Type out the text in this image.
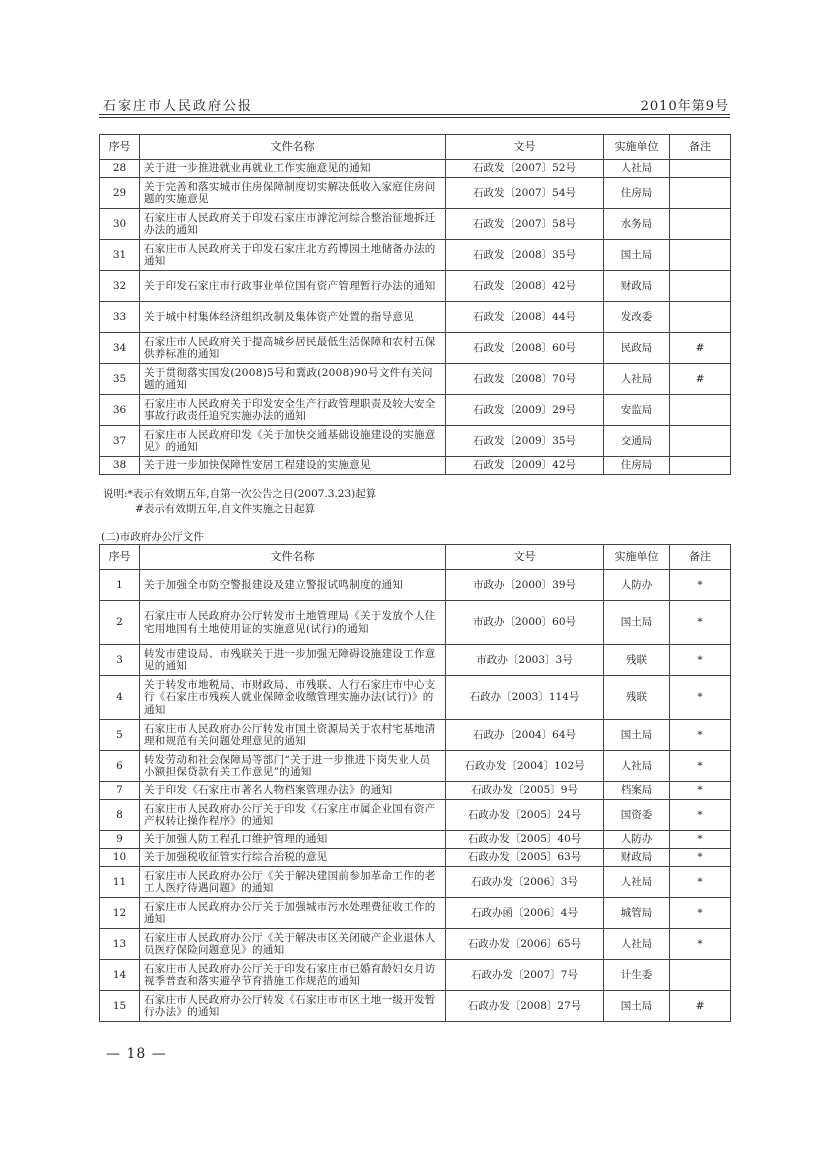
石家庄市人民政府公报	2010年第9号
序号	文件名称	文号	实施单位	备注
28	关于进一步推进就业再就业工作实施意见的通知	石政发〔2007〕52号	人社局	
29	关于完善和落实城市住房保障制度切实解决低收入家庭住房问题的实施意见	石政发〔2007〕54号	住房局	
30	石家庄市人民政府关于印发石家庄市滹沱河综合整治征地拆迁办法的通知	石政发〔2007〕58号	水务局	
31	石家庄市人民政府关于印发石家庄北方药博园土地储备办法的通知	石政发〔2008〕35号	国土局	
32	关于印发石家庄市行政事业单位国有资产管理暂行办法的通知	石政发〔2008〕42号	财政局	
33	关于城中村集体经济组织改制及集体资产处置的指导意见	石政发〔2008〕44号	发改委	
34	石家庄市人民政府关于提高城乡居民最低生活保障和农村五保供养标准的通知	石政发〔2008〕60号	民政局	#
35	关于贯彻落实国发(2008)5号和冀政(2008)90号文件有关问题的通知	石政发〔2008〕70号	人社局	#
36	石家庄市人民政府关于印发安全生产行政管理职责及较大安全事故行政责任追究实施办法的通知	石政发〔2009〕29号	安监局	
37	石家庄市人民政府印发《关于加快交通基础设施建设的实施意见》的通知	石政发〔2009〕35号	交通局	
38	关于进一步加快保障性安居工程建设的实施意见	石政发〔2009〕42号	住房局	
说明:*表示有效期五年,自第一次公告之日(2007.3.23)起算
#表示有效期五年,自文件实施之日起算
(二)市政府办公厅文件
序号	文件名称	文号	实施单位	备注
1	关于加强全市防空警报建设及建立警报试鸣制度的通知	市政办〔2000〕39号	人防办	*
2	石家庄市人民政府办公厅转发市土地管理局《关于发放个人住宅用地国有土地使用证的实施意见(试行)的通知	市政办〔2000〕60号	国土局	*
3	转发市建设局、市残联关于进一步加强无障碍设施建设工作意见的通知	市政办〔2003〕3号	残联	*
4	关于转发市地税局、市财政局、市残联、人行石家庄市中心支行《石家庄市残疾人就业保障金收缴管理实施办法(试行)》的通知	石政办〔2003〕114号	残联	*
5	石家庄市人民政府办公厅转发市国土资源局关于农村宅基地清理和规范有关问题处理意见的通知	石政办〔2004〕64号	国土局	*
6	转发劳动和社会保障局等部门“关于进一步推进下岗失业人员小额担保贷款有关工作意见”的通知	石政办发〔2004〕102号	人社局	*
7	关于印发《石家庄市著名人物档案管理办法》的通知	石政办发〔2005〕9号	档案局	*
8	石家庄市人民政府办公厅关于印发《石家庄市属企业国有资产产权转让操作程序》的通知	石政办发〔2005〕24号	国资委	*
9	关于加强人防工程孔口维护管理的通知	石政办发〔2005〕40号	人防办	*
10	关于加强税收征管实行综合治税的意见	石政办发〔2005〕63号	财政局	*
11	石家庄市人民政府办公厅《关于解决建国前参加革命工作的老工人医疗待遇问题》的通知	石政办发〔2006〕3号	人社局	*
12	石家庄市人民政府办公厅关于加强城市污水处理费征收工作的通知	石政办函〔2006〕4号	城管局	*
13	石家庄市人民政府办公厅《关于解决市区关闭破产企业退休人员医疗保险问题意见》的通知	石政办发〔2006〕65号	人社局	*
14	石家庄市人民政府办公厅关于印发石家庄市已婚育龄妇女月访视季普查和落实避孕节育措施工作规范的通知	石政办发〔2007〕7号	计生委	
15	石家庄市人民政府办公厅转发《石家庄市市区土地一级开发暂行办法》的通知	石政办发〔2008〕27号	国土局	#
— 18 —
